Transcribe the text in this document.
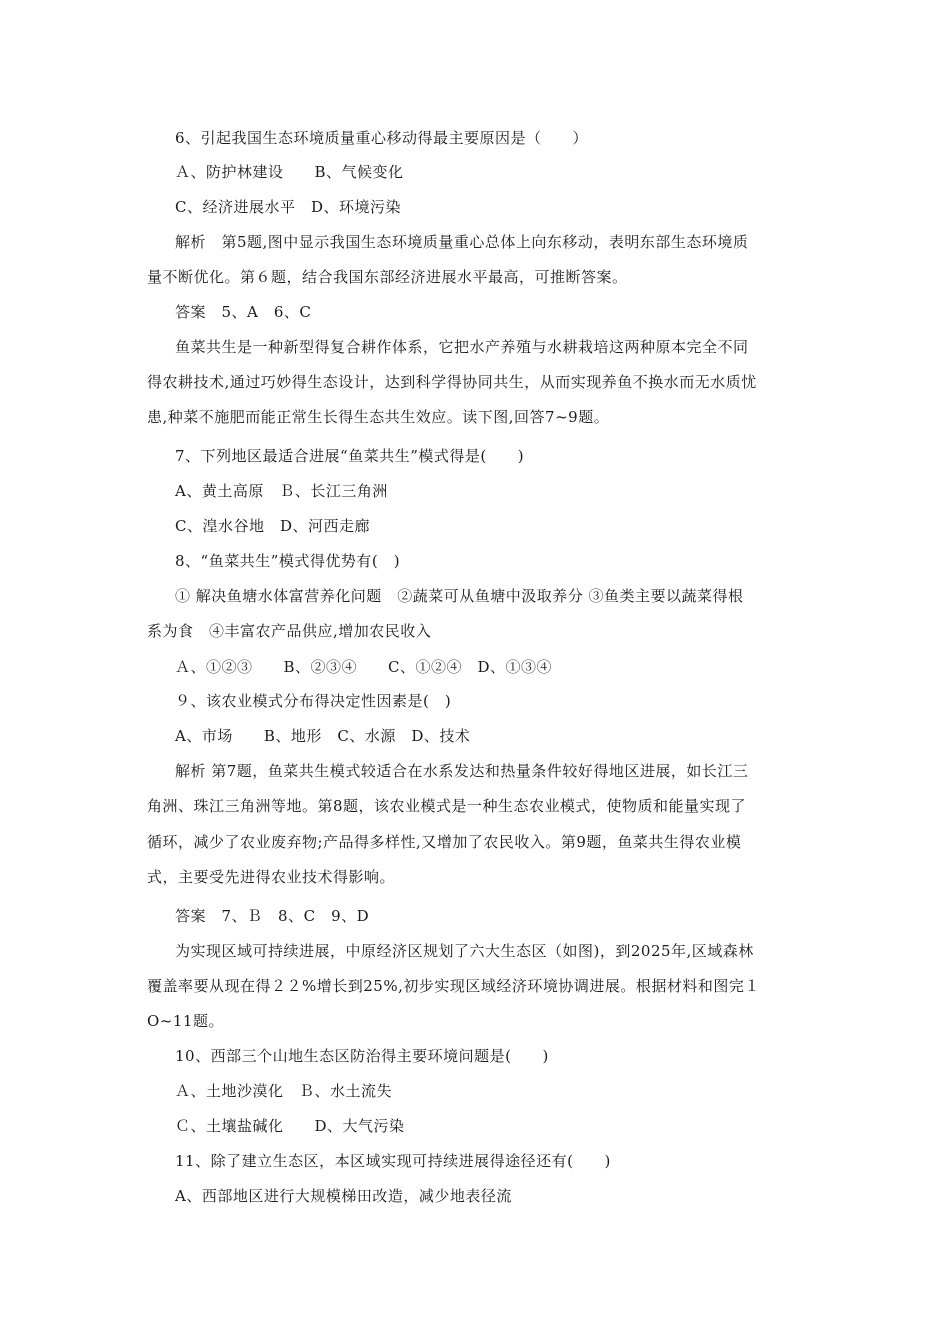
6、引起我国生态环境质量重心移动得最主要原因是（　　）
Ａ、防护林建设　　B、气候变化
C、经济进展水平　D、环境污染
解析　第5题,图中显示我国生态环境质量重心总体上向东移动，表明东部生态环境质
量不断优化。第６题，结合我国东部经济进展水平最高，可推断答案。
答案　5、A　6、C
鱼菜共生是一种新型得复合耕作体系，它把水产养殖与水耕栽培这两种原本完全不同
得农耕技术,通过巧妙得生态设计，达到科学得协同共生，从而实现养鱼不换水而无水质忧
患,种菜不施肥而能正常生长得生态共生效应。读下图,回答7~9题。
7、下列地区最适合进展“鱼菜共生”模式得是(　　)
A、黄土高原　Ｂ、长江三角洲
C、湟水谷地　D、河西走廊
8、“鱼菜共生”模式得优势有(　)
① 解决鱼塘水体富营养化问题　②蔬菜可从鱼塘中汲取养分 ③鱼类主要以蔬菜得根
系为食　④丰富农产品供应,增加农民收入
Ａ、①②③　　B、②③④　　C、①②④　D、①③④
９、该农业模式分布得决定性因素是(　)
A、市场　　B、地形　C、水源　D、技术
解析 第7题，鱼菜共生模式较适合在水系发达和热量条件较好得地区进展，如长江三
角洲、珠江三角洲等地。第8题，该农业模式是一种生态农业模式，使物质和能量实现了
循环，减少了农业废弃物;产品得多样性,又增加了农民收入。第9题，鱼菜共生得农业模
式，主要受先进得农业技术得影响。
答案　7、Ｂ　8、C　9、D
为实现区域可持续进展，中原经济区规划了六大生态区（如图)，到2025年,区域森林
覆盖率要从现在得２２%增长到25%,初步实现区域经济环境协调进展。根据材料和图完１
O~11题。
10、西部三个山地生态区防治得主要环境问题是(　　)
Ａ、土地沙漠化　Ｂ、水土流失
Ｃ、土壤盐碱化　　D、大气污染
11、除了建立生态区，本区域实现可持续进展得途径还有(　　)
A、西部地区进行大规模梯田改造，减少地表径流
